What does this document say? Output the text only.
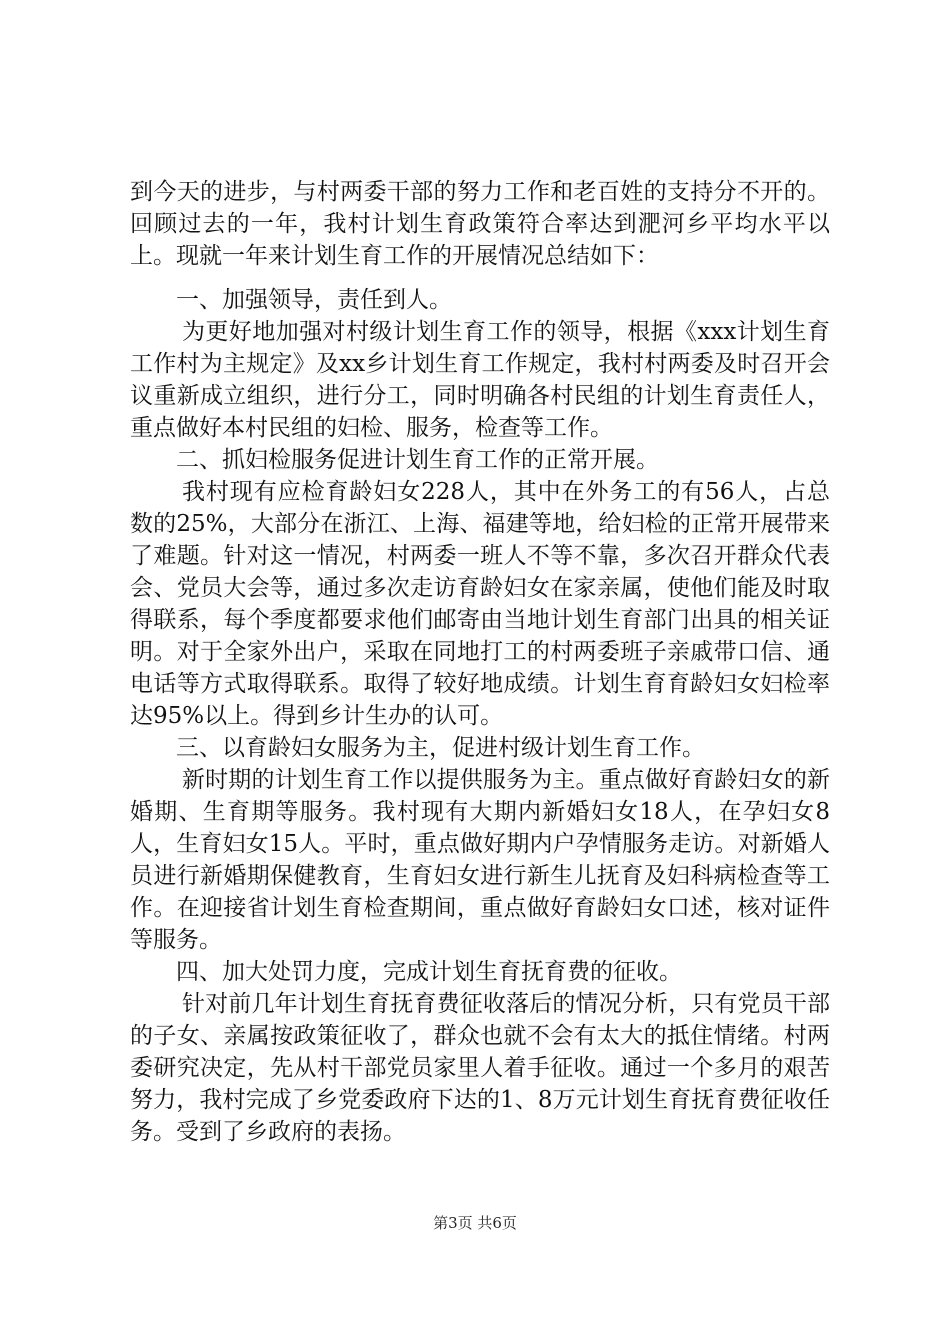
到今天的进步，与村两委干部的努力工作和老百姓的支持分不开的。回顾过去的一年，我村计划生育政策符合率达到淝河乡平均水平以上。现就一年来计划生育工作的开展情况总结如下：

一、加强领导，责任到人。

为更好地加强对村级计划生育工作的领导，根据《xxx计划生育工作村为主规定》及xx乡计划生育工作规定，我村村两委及时召开会议重新成立组织，进行分工，同时明确各村民组的计划生育责任人，重点做好本村民组的妇检、服务，检查等工作。

二、抓妇检服务促进计划生育工作的正常开展。

我村现有应检育龄妇女228人，其中在外务工的有56人，占总数的25%，大部分在浙江、上海、福建等地，给妇检的正常开展带来了难题。针对这一情况，村两委一班人不等不靠，多次召开群众代表会、党员大会等，通过多次走访育龄妇女在家亲属，使他们能及时取得联系，每个季度都要求他们邮寄由当地计划生育部门出具的相关证明。对于全家外出户，采取在同地打工的村两委班子亲戚带口信、通电话等方式取得联系。取得了较好地成绩。计划生育育龄妇女妇检率达95%以上。得到乡计生办的认可。

三、以育龄妇女服务为主，促进村级计划生育工作。

新时期的计划生育工作以提供服务为主。重点做好育龄妇女的新婚期、生育期等服务。我村现有大期内新婚妇女18人，在孕妇女8人，生育妇女15人。平时，重点做好期内户孕情服务走访。对新婚人员进行新婚期保健教育，生育妇女进行新生儿抚育及妇科病检查等工作。在迎接省计划生育检查期间，重点做好育龄妇女口述，核对证件等服务。

四、加大处罚力度，完成计划生育抚育费的征收。

针对前几年计划生育抚育费征收落后的情况分析，只有党员干部的子女、亲属按政策征收了，群众也就不会有太大的抵住情绪。村两委研究决定，先从村干部党员家里人着手征收。通过一个多月的艰苦努力，我村完成了乡党委政府下达的1、8万元计划生育抚育费征收任务。受到了乡政府的表扬。

第3页 共6页
